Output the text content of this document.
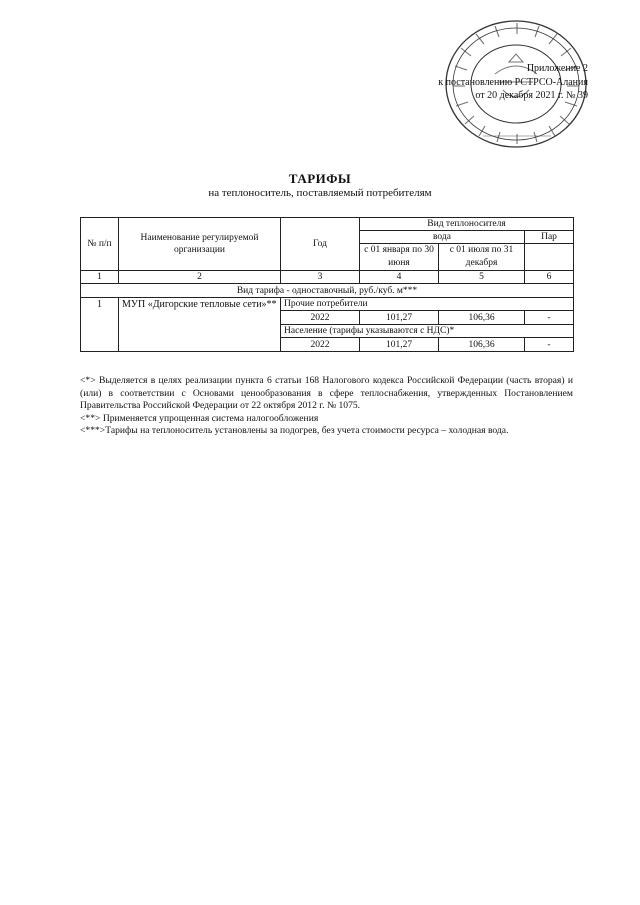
Приложение 2
к постановлению РСТРСО-Алания
от 20 декабря 2021 г. № 39
ТАРИФЫ
на теплоноситель, поставляемый потребителям
№ п/п	Наименование регулируемой организации	Год	Вид теплоносителя		
			вода		Пар
			с 01 января по 30 июня	с 01 июля по 31 декабря	
1	2	3	4	5	6
Вид тарифа - одноставочный, руб./куб. м***					
1	МУП «Дигорские тепловые сети»**	Прочие потребители			
		2022	101,27	106,36	-
		Население (тарифы указываются с НДС)*			
		2022	101,27	106,36	-

<*> Выделяется в целях реализации пункта 6 статьи 168 Налогового кодекса Российской Федерации (часть вторая) и (или) в соответствии с Основами ценообразования в сфере теплоснабжения, утвержденных Постановлением Правительства Российской Федерации от 22 октября 2012 г. № 1075.

<**> Применяется упрощенная система налогообложения

<***>Тарифы на теплоноситель установлены за подогрев, без учета стоимости ресурса – холодная вода.
